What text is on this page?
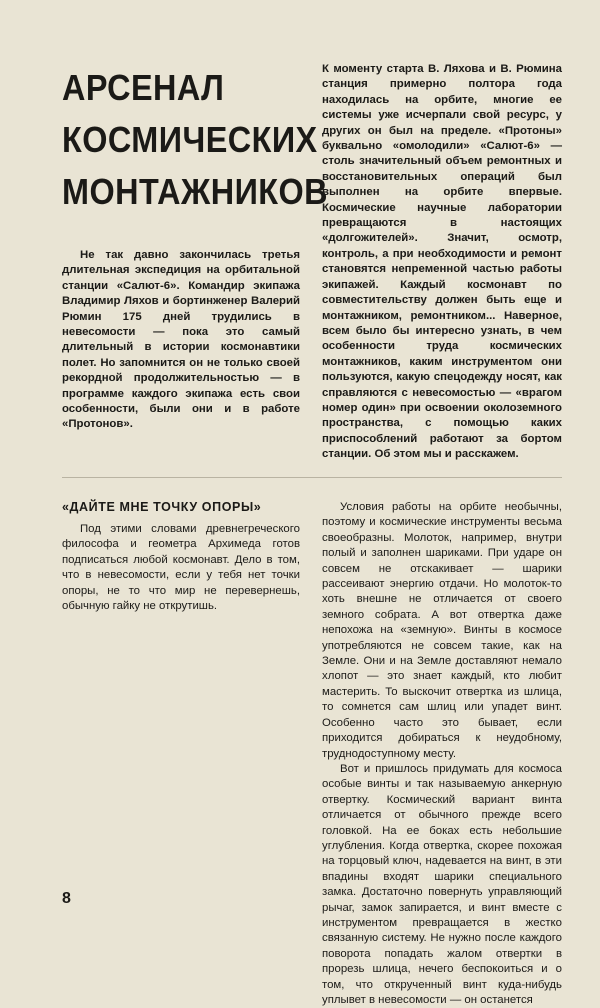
АРСЕНАЛ КОСМИЧЕСКИХ МОНТАЖНИКОВ

Не так давно закончилась третья длительная экспедиция на орбитальной станции «Салют-6». Командир экипажа Владимир Ляхов и бортинженер Валерий Рюмин 175 дней трудились в невесомости — пока это самый длительный в истории космонавтики полет. Но запомнится он не только своей рекордной продолжительностью — в программе каждого экипажа есть свои особенности, были они и в работе «Протонов».

К моменту старта В. Ляхова и В. Рюмина станция примерно полтора года находилась на орбите, многие ее системы уже исчерпали свой ресурс, у других он был на пределе. «Протоны» буквально «омолодили» «Салют-6» — столь значительный объем ремонтных и восстановительных операций был выполнен на орбите впервые. Космические научные лаборатории превращаются в настоящих «долгожителей». Значит, осмотр, контроль, а при необходимости и ремонт становятся непременной частью работы экипажей. Каждый космонавт по совместительству должен быть еще и монтажником, ремонтником... Наверное, всем было бы интересно узнать, в чем особенности труда космических монтажников, каким инструментом они пользуются, какую спецодежду носят, как справляются с невесомостью — «врагом номер один» при освоении околоземного пространства, с помощью каких приспособлений работают за бортом станции. Об этом мы и расскажем.

«ДАЙТЕ МНЕ ТОЧКУ ОПОРЫ»

Под этими словами древнегреческого философа и геометра Архимеда готов подписаться любой космонавт. Дело в том, что в невесомости, если у тебя нет точки опоры, не то что мир не перевернешь, обычную гайку не открутишь.

Условия работы на орбите необычны, поэтому и космические инструменты весьма своеобразны. Молоток, например, внутри полый и заполнен шариками. При ударе он совсем не отскакивает — шарики рассеивают энергию отдачи. Но молоток-то хоть внешне не отличается от своего земного собрата. А вот отвертка даже непохожа на «земную». Винты в космосе употребляются не совсем такие, как на Земле. Они и на Земле доставляют немало хлопот — это знает каждый, кто любит мастерить. То выскочит отвертка из шлица, то сомнется сам шлиц или упадет винт. Особенно часто это бывает, если приходится добираться к неудобному, труднодоступному месту.

Вот и пришлось придумать для космоса особые винты и так называемую анкерную отвертку. Космический вариант винта отличается от обычного прежде всего головкой. На ее боках есть небольшие углубления. Когда отвертка, скорее похожая на торцовый ключ, надевается на винт, в эти впадины входят шарики специального замка. Достаточно повернуть управляющий рычаг, замок запирается, и винт вместе с инструментом превращается в жестко связанную систему. Не нужно после каждого поворота попадать жалом отвертки в прорезь шлица, нечего беспокоиться и о том, что открученный винт куда-нибудь уплывет в невесомости — он останется

8
